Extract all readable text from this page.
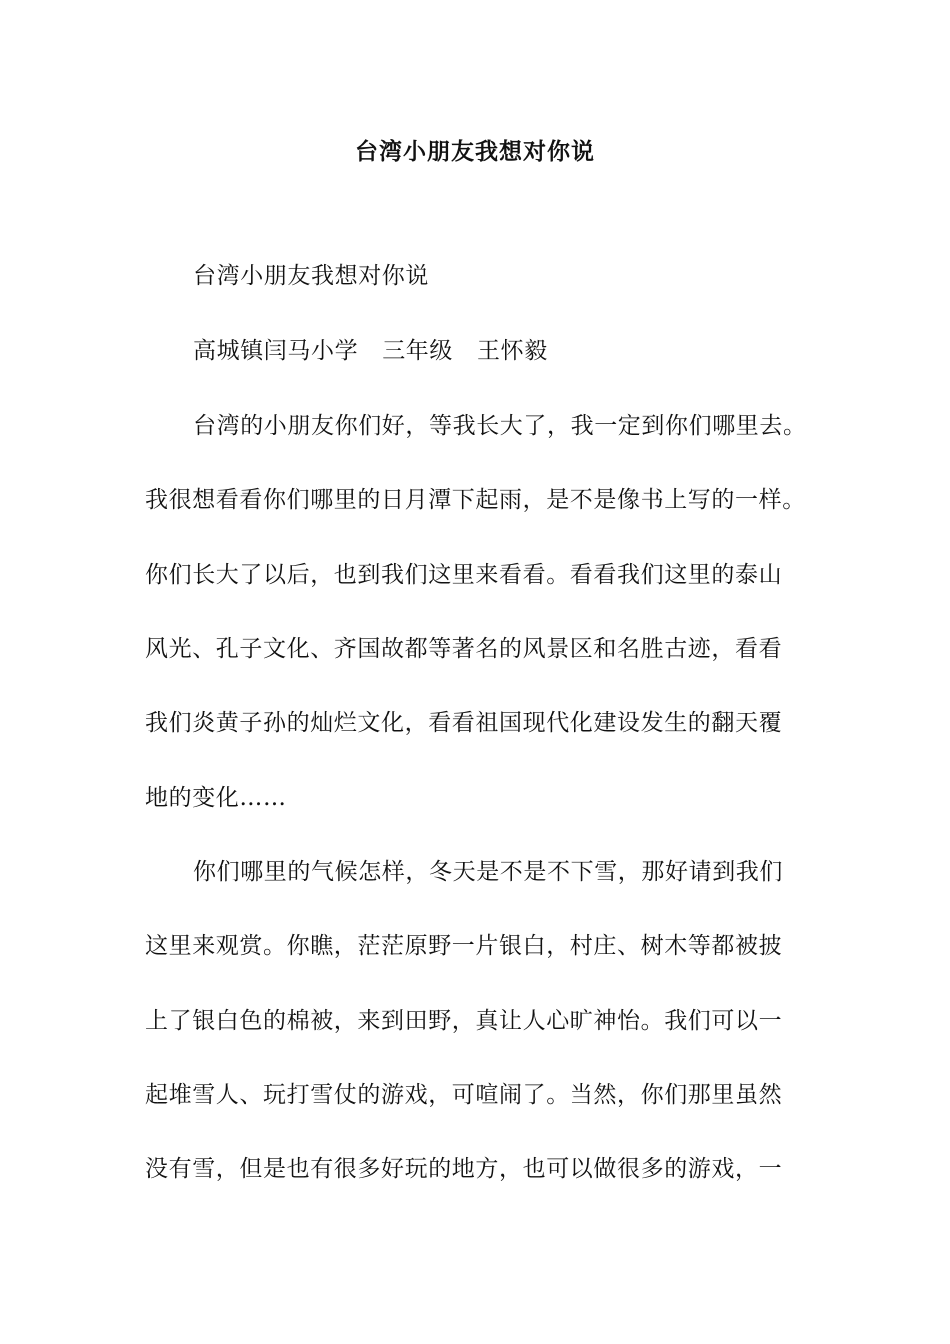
台湾小朋友我想对你说
台湾小朋友我想对你说
高城镇闫马小学 三年级 王怀毅
台湾的小朋友你们好，等我长大了，我一定到你们哪里去。
我很想看看你们哪里的日月潭下起雨，是不是像书上写的一样。
你们长大了以后，也到我们这里来看看。看看我们这里的泰山
风光、孔子文化、齐国故都等著名的风景区和名胜古迹，看看
我们炎黄子孙的灿烂文化，看看祖国现代化建设发生的翻天覆
地的变化……
你们哪里的气候怎样，冬天是不是不下雪，那好请到我们
这里来观赏。你瞧，茫茫原野一片银白，村庄、树木等都被披
上了银白色的棉被，来到田野，真让人心旷神怡。我们可以一
起堆雪人、玩打雪仗的游戏，可喧闹了。当然，你们那里虽然
没有雪，但是也有很多好玩的地方，也可以做很多的游戏，一
